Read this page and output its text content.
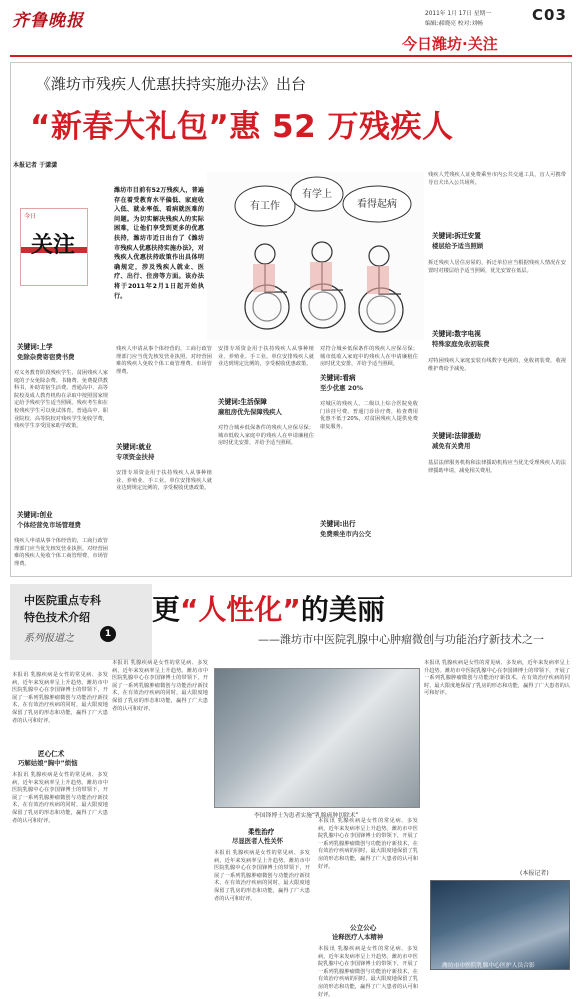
齐鲁晚报	2011年 1月 17日 星期一
编辑:郝晓亮 校对:刘畅	C03
今日潍坊·关注
《潍坊市残疾人优惠扶持实施办法》出台
“新春大礼包”惠 52 万残疾人
本报记者 于潇潇
今日
关注
潍坊市目前有52万残疾人，普遍存在着受教育水平偏低、家庭收入低、就业率低、看病就医难的问题。为切实解决残疾人的实际困难，让他们享受到更多的优惠扶持，潍坊市近日出台了《潍坊市残疾人优惠扶持实施办法》，对残疾人优惠扶持政策作出具体明确规定，涉及残疾人就业、医疗、出行、住房等方面。该办法将于2011年2月1日起开始执行。
有工作
有学上
看得起病
关键词:上学
免除杂费寄宿费书费
对义务教育阶段残疾学生、贫困残疾人家庭的子女免除杂费、书籍费、免费提供教科书，补助寄宿生活费。普通高中、高等院校及成人教育机构在录取中按照国家规定给予残疾学生适当照顾。残疾考生和在校残疾学生可以免试体育。普通高中、职业院校、高等院校对残疾学生免收学费，残疾学生享受国家助学政策。
关键词:创业
个体经营免市场管理费
残疾人申请从事个体经营的，工商行政管理部门应当优先核发营业执照。对经营困难的残疾人免收个体工商管理费、市场管理费。
残疾人申请从事个体经营的，工商行政管理部门应当优先核发营业执照。对经营困难的残疾人免收个体工商管理费、市场管理费。
关键词:就业
专项资金扶持
安排专项资金用于扶持残疾人从事种植业、养殖业、手工业。单位安排残疾人就业达到规定比例的，享受税收优惠政策。
安排专项资金用于扶持残疾人从事种植业、养殖业、手工业。单位安排残疾人就业达到规定比例的，享受税收优惠政策。
关键词:生活保障
廉租房优先保障残疾人
对符合城乡低保条件的残疾人应保尽保；城市低收入家庭中的残疾人在申请廉租住房时优先安排，并给予适当照顾。
对符合城乡低保条件的残疾人应保尽保；城市低收入家庭中的残疾人在申请廉租住房时优先安排，并给予适当照顾。
关键词:看病
至少优惠 20%
对城区的残疾人，二级以上综合医院免收门诊挂号费、普通门诊诊疗费，检查费用优惠不低于20%，对贫困残疾人提供免费康复服务。
关键词:出行
免费乘坐市内公交
残疾人凭残疾人证免费乘坐市内公共交通工具，盲人可携带导盲犬出入公共场所。
关键词:拆迁安置
楼层给予适当照顾
拆迁残疾人居住房屋的，拆迁单位应当根据残疾人情况在安置时对楼层给予适当照顾，优先安置在低层。
关键词:数字电视
特殊家庭免收初装费
对特困残疾人家庭安装有线数字电视的，免收初装费，收视维护费给予减免。
关键词:法律援助
减免有关费用
基层法律服务机构和法律援助机构应当优先受理残疾人的法律援助申请，减免相关费用。
中医院重点专科
特色技术介绍
系列报道之	1
更“人性化”的美丽
——潍坊市中医院乳腺中心肿瘤微创与功能治疗新技术之一
本报讯 乳腺疾病是女性的常见病、多发病，近年来发病率呈上升趋势。潍坊市中医院乳腺中心在李国锋博士的带领下，开展了一系列乳腺肿瘤微创与功能治疗新技术，在有效治疗疾病的同时，最大限度地保留了乳房的形态和功能，赢得了广大患者的认可和好评。
匠心仁术
巧解姑娘“胸中”烦恼
本报讯 乳腺疾病是女性的常见病、多发病，近年来发病率呈上升趋势。潍坊市中医院乳腺中心在李国锋博士的带领下，开展了一系列乳腺肿瘤微创与功能治疗新技术，在有效治疗疾病的同时，最大限度地保留了乳房的形态和功能，赢得了广大患者的认可和好评。
本报讯 乳腺疾病是女性的常见病、多发病，近年来发病率呈上升趋势。潍坊市中医院乳腺中心在李国锋博士的带领下，开展了一系列乳腺肿瘤微创与功能治疗新技术，在有效治疗疾病的同时，最大限度地保留了乳房的形态和功能，赢得了广大患者的认可和好评。
李国锋博士为患者实施“乳腺癌肿切除术”
柔性治疗
尽显医者人性关怀
本报讯 乳腺疾病是女性的常见病、多发病，近年来发病率呈上升趋势。潍坊市中医院乳腺中心在李国锋博士的带领下，开展了一系列乳腺肿瘤微创与功能治疗新技术，在有效治疗疾病的同时，最大限度地保留了乳房的形态和功能，赢得了广大患者的认可和好评。
本报讯 乳腺疾病是女性的常见病、多发病，近年来发病率呈上升趋势。潍坊市中医院乳腺中心在李国锋博士的带领下，开展了一系列乳腺肿瘤微创与功能治疗新技术，在有效治疗疾病的同时，最大限度地保留了乳房的形态和功能，赢得了广大患者的认可和好评。
公立公心
诠释医疗人本精神
本报讯 乳腺疾病是女性的常见病、多发病，近年来发病率呈上升趋势。潍坊市中医院乳腺中心在李国锋博士的带领下，开展了一系列乳腺肿瘤微创与功能治疗新技术，在有效治疗疾病的同时，最大限度地保留了乳房的形态和功能，赢得了广大患者的认可和好评。
本报讯 乳腺疾病是女性的常见病、多发病，近年来发病率呈上升趋势。潍坊市中医院乳腺中心在李国锋博士的带领下，开展了一系列乳腺肿瘤微创与功能治疗新技术，在有效治疗疾病的同时，最大限度地保留了乳房的形态和功能，赢得了广大患者的认可和好评。
(本报记者)
潍坊市中医院乳腺中心医护人员合影
